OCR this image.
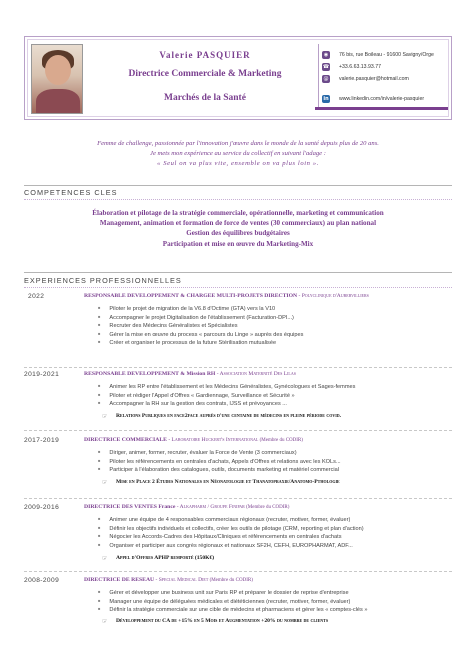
Valerie PASQUIER
Directrice Commerciale & Marketing
Marchés de la Santé
◉	76 bis, rue Boileau - 91600 Savigny/Orge
☎ +33.6.63.13.93.77
@ valerie.pasquier@hotmail.com
in www.linkedin.com/in/valerie-pasquier
Femme de challenge, passionnée par l'innovation j'œuvre dans le monde de la santé depuis plus de 20 ans.
Je mets mon expérience au service du collectif en suivant l'adage :
« Seul on va plus vite, ensemble on va plus loin ».
COMPETENCES CLES
Élaboration et pilotage de la stratégie commerciale, opérationnelle, marketing et communication
Management, animation et formation de force de ventes (30 commerciaux) au plan national
Gestion des équilibres budgétaires
Participation et mise en œuvre du Marketing-Mix
EXPERIENCES PROFESSIONNELLES
2022	RESPONSABLE DEVELOPPEMENT & CHARGEE MULTI-PROJETS DIRECTION - Polyclinique d'Aubervilliers
■ Piloter le projet de migration de la V6.8 d'Octime (GTA) vers la V10
■ Accompagner le projet Digitalisation de l'établissement (Facturation-DPI...)
■ Recruter des Médecins Généralistes et Spécialistes
■ Gérer la mise en œuvre du process « parcours du Linge » auprès des équipes
■ Créer et organiser le processus de la future Stérilisation mutualisée
2019-2021	RESPONSABLE DEVELOPPEMENT & Mission RH - Association Maternité Des Lilas
■ Animer les RP entre l'établissement et les Médecins Généralistes, Gynécologues et Sages-femmes
■ Piloter et rédiger l'Appel d'Offres « Gardiennage, Surveillance et Sécurité »
■ Accompagner la RH sur la gestion des contrats, IJSS et prévoyances ...
☞	Relations Publiques en face2face auprès d'une centaine de médecins en pleine période covid.
2017-2019	DIRECTRICE COMMERCIALE - Laboratoire Huckert's International (Membre du CODIR)
■ Diriger, animer, former, recruter, évaluer la Force de Vente (3 commerciaux)
■ Piloter les référencements en centrales d'achats, Appels d'Offres et relations avec les KOLs...
■ Participer à l'élaboration des catalogues, outils, documents marketing et matériel commercial
☞	Mise en Place 2 Études Nationales en Néonatologie et Thanatopraxie/Anatomo-Pthologie
2009-2016	DIRECTRICE DES VENTES France - Alkapharm / Groupe Finipar (Membre du CODIR)
■ Animer une équipe de 4 responsables commerciaux régionaux (recruter, motiver, former, évaluer)
■ Définir les objectifs individuels et collectifs, créer les outils de pilotage (CRM, reporting et plan d'action)
■ Négocier les Accords-Cadres des Hôpitaux/Cliniques et référencements en centrales d'achats
■ Organiser et participer aux congrès régionaux et nationaux SF2H, CEFH, EUROPHARMAT, ADF...
☞	Appel d'Offres APHP remporté (150K€)
2008-2009	DIRECTRICE DE RESEAU - Special Medical Diet (Membre du CODIR)
■ Gérer et développer une business unit sur Paris RP et préparer le dossier de reprise d'entreprise
■ Manager une équipe de déléguées médicales et diététiciennes (recruter, motiver, former, évaluer)
■ Définir la stratégie commerciale sur une cible de médecins et pharmaciens et gérer les « comptes-clés »
☞	Développement du CA de +15% en 5 Mois et Augmentation +20% du nombre de clients
